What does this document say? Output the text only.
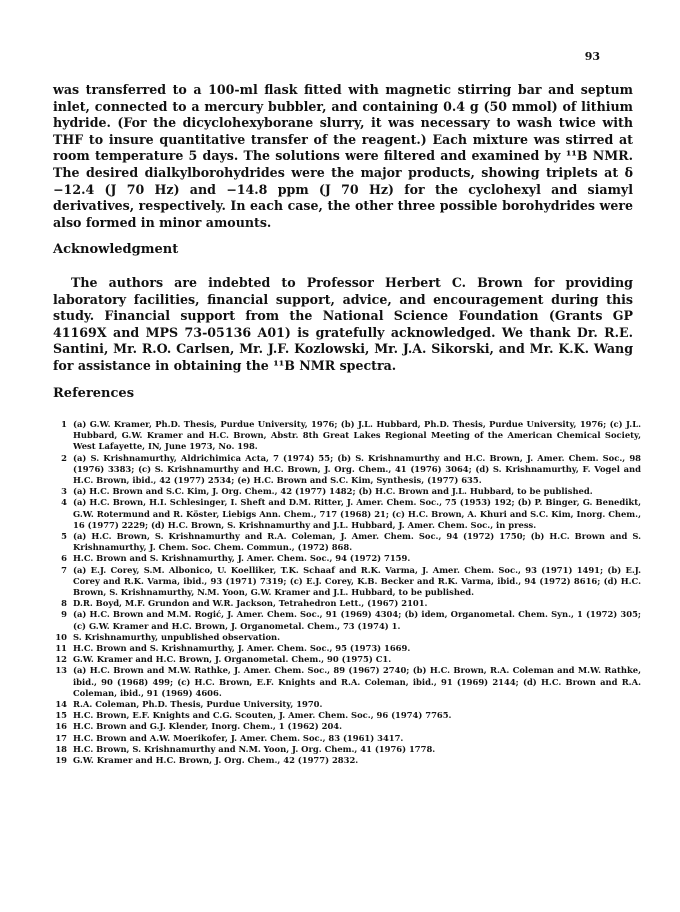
93

was transferred to a 100-ml flask fitted with magnetic stirring bar and septum inlet, connected to a mercury bubbler, and containing 0.4 g (50 mmol) of lithium hydride. (For the dicyclohexyborane slurry, it was necessary to wash twice with THF to insure quantitative transfer of the reagent.) Each mixture was stirred at room temperature 5 days. The solutions were filtered and examined by ¹¹B NMR. The desired dialkylborohydrides were the major products, showing triplets at δ −12.4 (J 70 Hz) and −14.8 ppm (J 70 Hz) for the cyclohexyl and siamyl derivatives, respectively. In each case, the other three possible borohydrides were also formed in minor amounts.

Acknowledgment

The authors are indebted to Professor Herbert C. Brown for providing laboratory facilities, financial support, advice, and encouragement during this study. Financial support from the National Science Foundation (Grants GP 41169X and MPS 73-05136 A01) is gratefully acknowledged. We thank Dr. R.E. Santini, Mr. R.O. Carlsen, Mr. J.F. Kozlowski, Mr. J.A. Sikorski, and Mr. K.K. Wang for assistance in obtaining the ¹¹B NMR spectra.

References
1 (a) G.W. Kramer, Ph.D. Thesis, Purdue University, 1976; (b) J.L. Hubbard, Ph.D. Thesis, Purdue University, 1976; (c) J.L. Hubbard, G.W. Kramer and H.C. Brown, Abstr. 8th Great Lakes Regional Meeting of the American Chemical Society, West Lafayette, IN, June 1973, No. 198.
2 (a) S. Krishnamurthy, Aldrichimica Acta, 7 (1974) 55; (b) S. Krishnamurthy and H.C. Brown, J. Amer. Chem. Soc., 98 (1976) 3383; (c) S. Krishnamurthy and H.C. Brown, J. Org. Chem., 41 (1976) 3064; (d) S. Krishnamurthy, F. Vogel and H.C. Brown, ibid., 42 (1977) 2534; (e) H.C. Brown and S.C. Kim, Synthesis, (1977) 635.
3 (a) H.C. Brown and S.C. Kim, J. Org. Chem., 42 (1977) 1482; (b) H.C. Brown and J.L. Hubbard, to be published.
4 (a) H.C. Brown, H.I. Schlesinger, I. Sheft and D.M. Ritter, J. Amer. Chem. Soc., 75 (1953) 192; (b) P. Binger, G. Benedikt, G.W. Rotermund and R. Köster, Liebigs Ann. Chem., 717 (1968) 21; (c) H.C. Brown, A. Khuri and S.C. Kim, Inorg. Chem., 16 (1977) 2229; (d) H.C. Brown, S. Krishnamurthy and J.L. Hubbard, J. Amer. Chem. Soc., in press.
5 (a) H.C. Brown, S. Krishnamurthy and R.A. Coleman, J. Amer. Chem. Soc., 94 (1972) 1750; (b) H.C. Brown and S. Krishnamurthy, J. Chem. Soc. Chem. Commun., (1972) 868.
6 H.C. Brown and S. Krishnamurthy, J. Amer. Chem. Soc., 94 (1972) 7159.
7 (a) E.J. Corey, S.M. Albonico, U. Koelliker, T.K. Schaaf and R.K. Varma, J. Amer. Chem. Soc., 93 (1971) 1491; (b) E.J. Corey and R.K. Varma, ibid., 93 (1971) 7319; (c) E.J. Corey, K.B. Becker and R.K. Varma, ibid., 94 (1972) 8616; (d) H.C. Brown, S. Krishnamurthy, N.M. Yoon, G.W. Kramer and J.L. Hubbard, to be published.
8 D.R. Boyd, M.F. Grundon and W.R. Jackson, Tetrahedron Lett., (1967) 2101.
9 (a) H.C. Brown and M.M. Rogić, J. Amer. Chem. Soc., 91 (1969) 4304; (b) idem, Organometal. Chem. Syn., 1 (1972) 305; (c) G.W. Kramer and H.C. Brown, J. Organometal. Chem., 73 (1974) 1.
10 S. Krishnamurthy, unpublished observation.
11 H.C. Brown and S. Krishnamurthy, J. Amer. Chem. Soc., 95 (1973) 1669.
12 G.W. Kramer and H.C. Brown, J. Organometal. Chem., 90 (1975) C1.
13 (a) H.C. Brown and M.W. Rathke, J. Amer. Chem. Soc., 89 (1967) 2740; (b) H.C. Brown, R.A. Coleman and M.W. Rathke, ibid., 90 (1968) 499; (c) H.C. Brown, E.F. Knights and R.A. Coleman, ibid., 91 (1969) 2144; (d) H.C. Brown and R.A. Coleman, ibid., 91 (1969) 4606.
14 R.A. Coleman, Ph.D. Thesis, Purdue University, 1970.
15 H.C. Brown, E.F. Knights and C.G. Scouten, J. Amer. Chem. Soc., 96 (1974) 7765.
16 H.C. Brown and G.J. Klender, Inorg. Chem., 1 (1962) 204.
17 H.C. Brown and A.W. Moerikofer, J. Amer. Chem. Soc., 83 (1961) 3417.
18 H.C. Brown, S. Krishnamurthy and N.M. Yoon, J. Org. Chem., 41 (1976) 1778.
19 G.W. Kramer and H.C. Brown, J. Org. Chem., 42 (1977) 2832.
